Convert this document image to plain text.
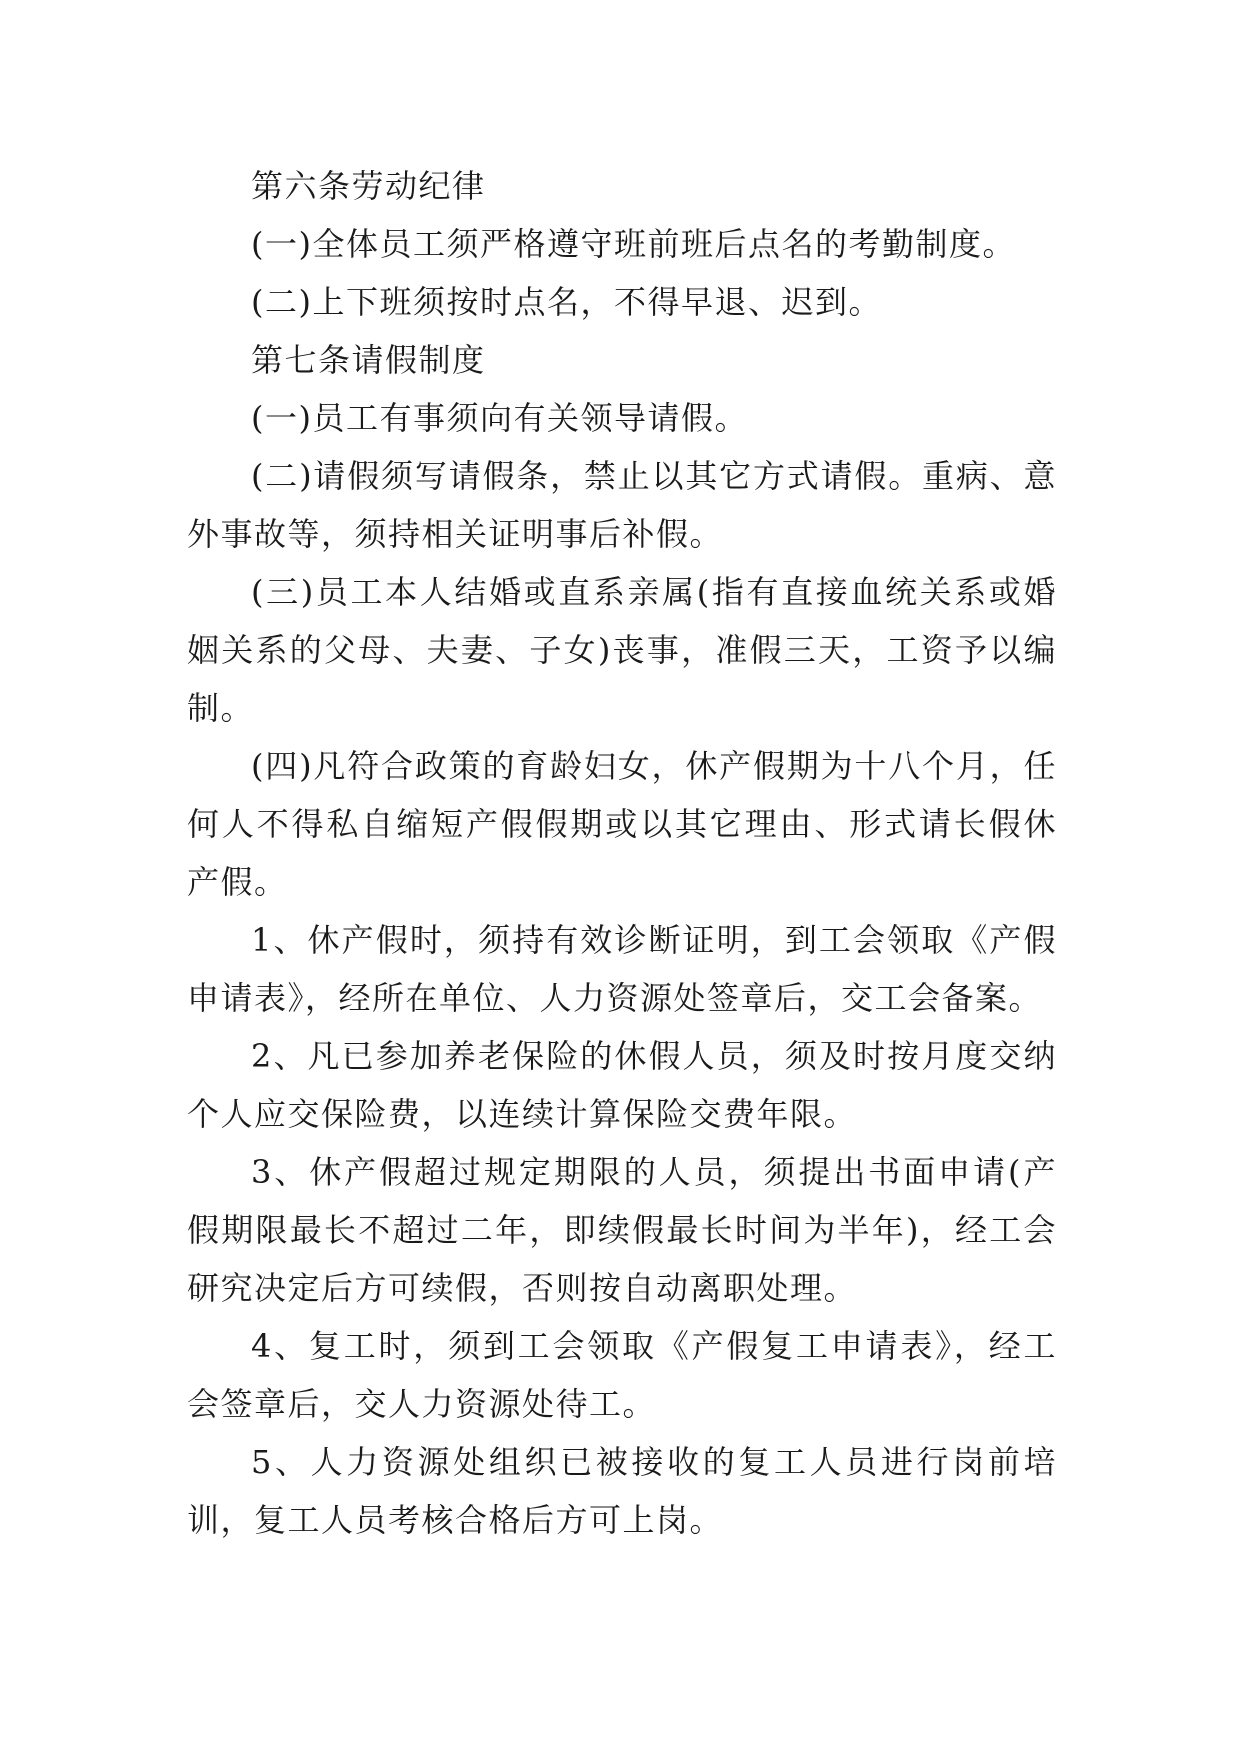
第六条劳动纪律

(一)全体员工须严格遵守班前班后点名的考勤制度。

(二)上下班须按时点名，不得早退、迟到。

第七条请假制度

(一)员工有事须向有关领导请假。

(二)请假须写请假条，禁止以其它方式请假。重病、意外事故等，须持相关证明事后补假。

(三)员工本人结婚或直系亲属(指有直接血统关系或婚姻关系的父母、夫妻、子女)丧事，准假三天，工资予以编制。

(四)凡符合政策的育龄妇女，休产假期为十八个月，任何人不得私自缩短产假假期或以其它理由、形式请长假休产假。

1、休产假时，须持有效诊断证明，到工会领取《产假申请表》，经所在单位、人力资源处签章后，交工会备案。

2、凡已参加养老保险的休假人员，须及时按月度交纳个人应交保险费，以连续计算保险交费年限。

3、休产假超过规定期限的人员，须提出书面申请(产假期限最长不超过二年，即续假最长时间为半年)，经工会研究决定后方可续假，否则按自动离职处理。

4、复工时，须到工会领取《产假复工申请表》，经工会签章后，交人力资源处待工。

5、人力资源处组织已被接收的复工人员进行岗前培训，复工人员考核合格后方可上岗。
